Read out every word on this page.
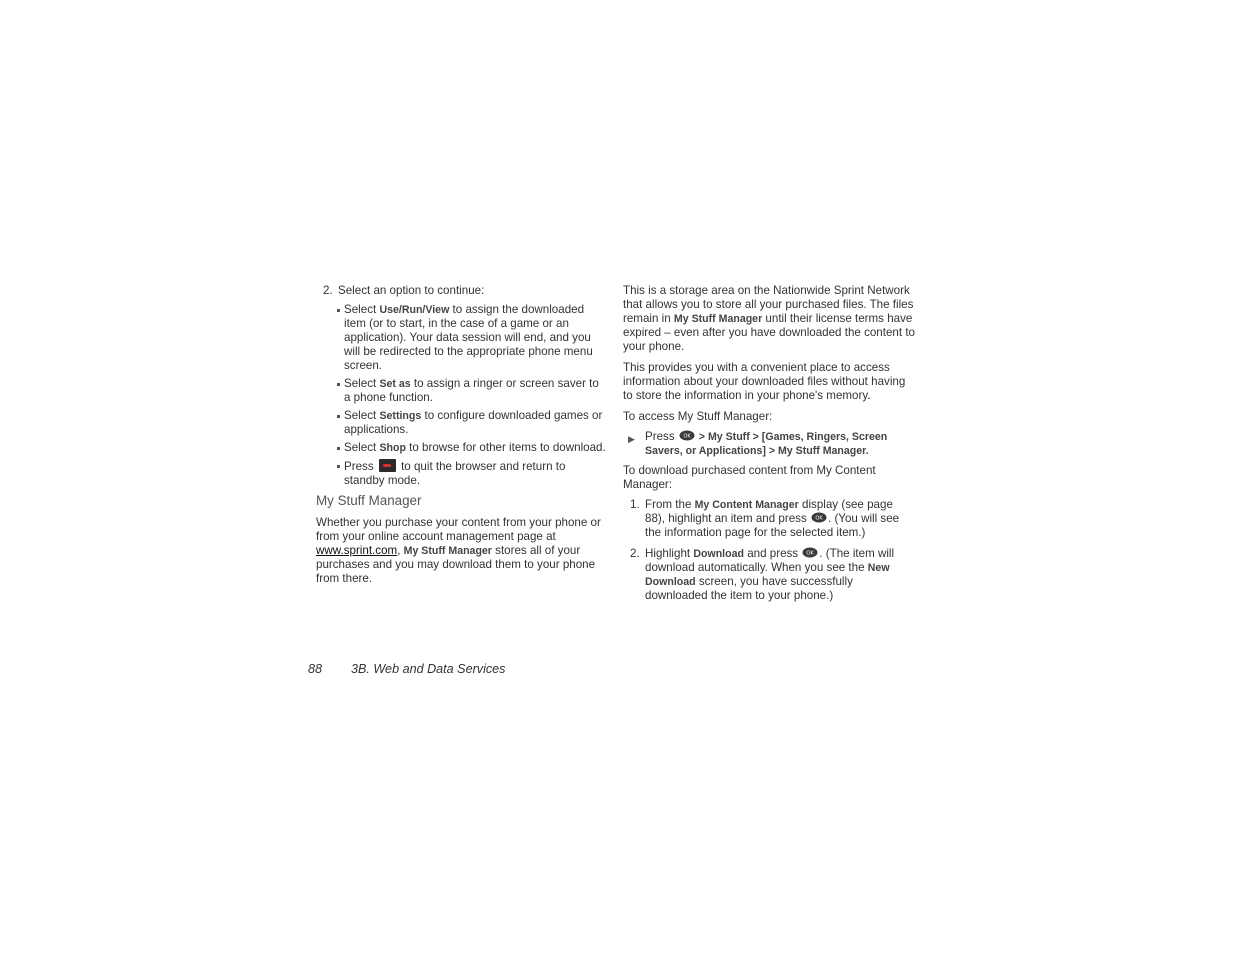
2. Select an option to continue:
Select Use/Run/View to assign the downloaded item (or to start, in the case of a game or an application). Your data session will end, and you will be redirected to the appropriate phone menu screen.
Select Set as to assign a ringer or screen saver to a phone function.
Select Settings to configure downloaded games or applications.
Select Shop to browse for other items to download.
Press  to quit the browser and return to standby mode.
My Stuff Manager

Whether you purchase your content from your phone or from your online account management page at www.sprint.com, My Stuff Manager stores all of your purchases and you may download them to your phone from there.

This is a storage area on the Nationwide Sprint Network that allows you to store all your purchased files. The files remain in My Stuff Manager until their license terms have expired – even after you have downloaded the content to your phone.

This provides you with a convenient place to access information about your downloaded files without having to store the information in your phone's memory.

To access My Stuff Manager:

▶ Press OK > My Stuff > [Games, Ringers, Screen Savers, or Applications] > My Stuff Manager.

To download purchased content from My Content Manager:

1. From the My Content Manager display (see page 88), highlight an item and press OK . (You will see the information page for the selected item.)
2. Highlight Download and press OK . (The item will download automatically. When you see the New Download screen, you have successfully downloaded the item to your phone.)
88 3B. Web and Data Services
